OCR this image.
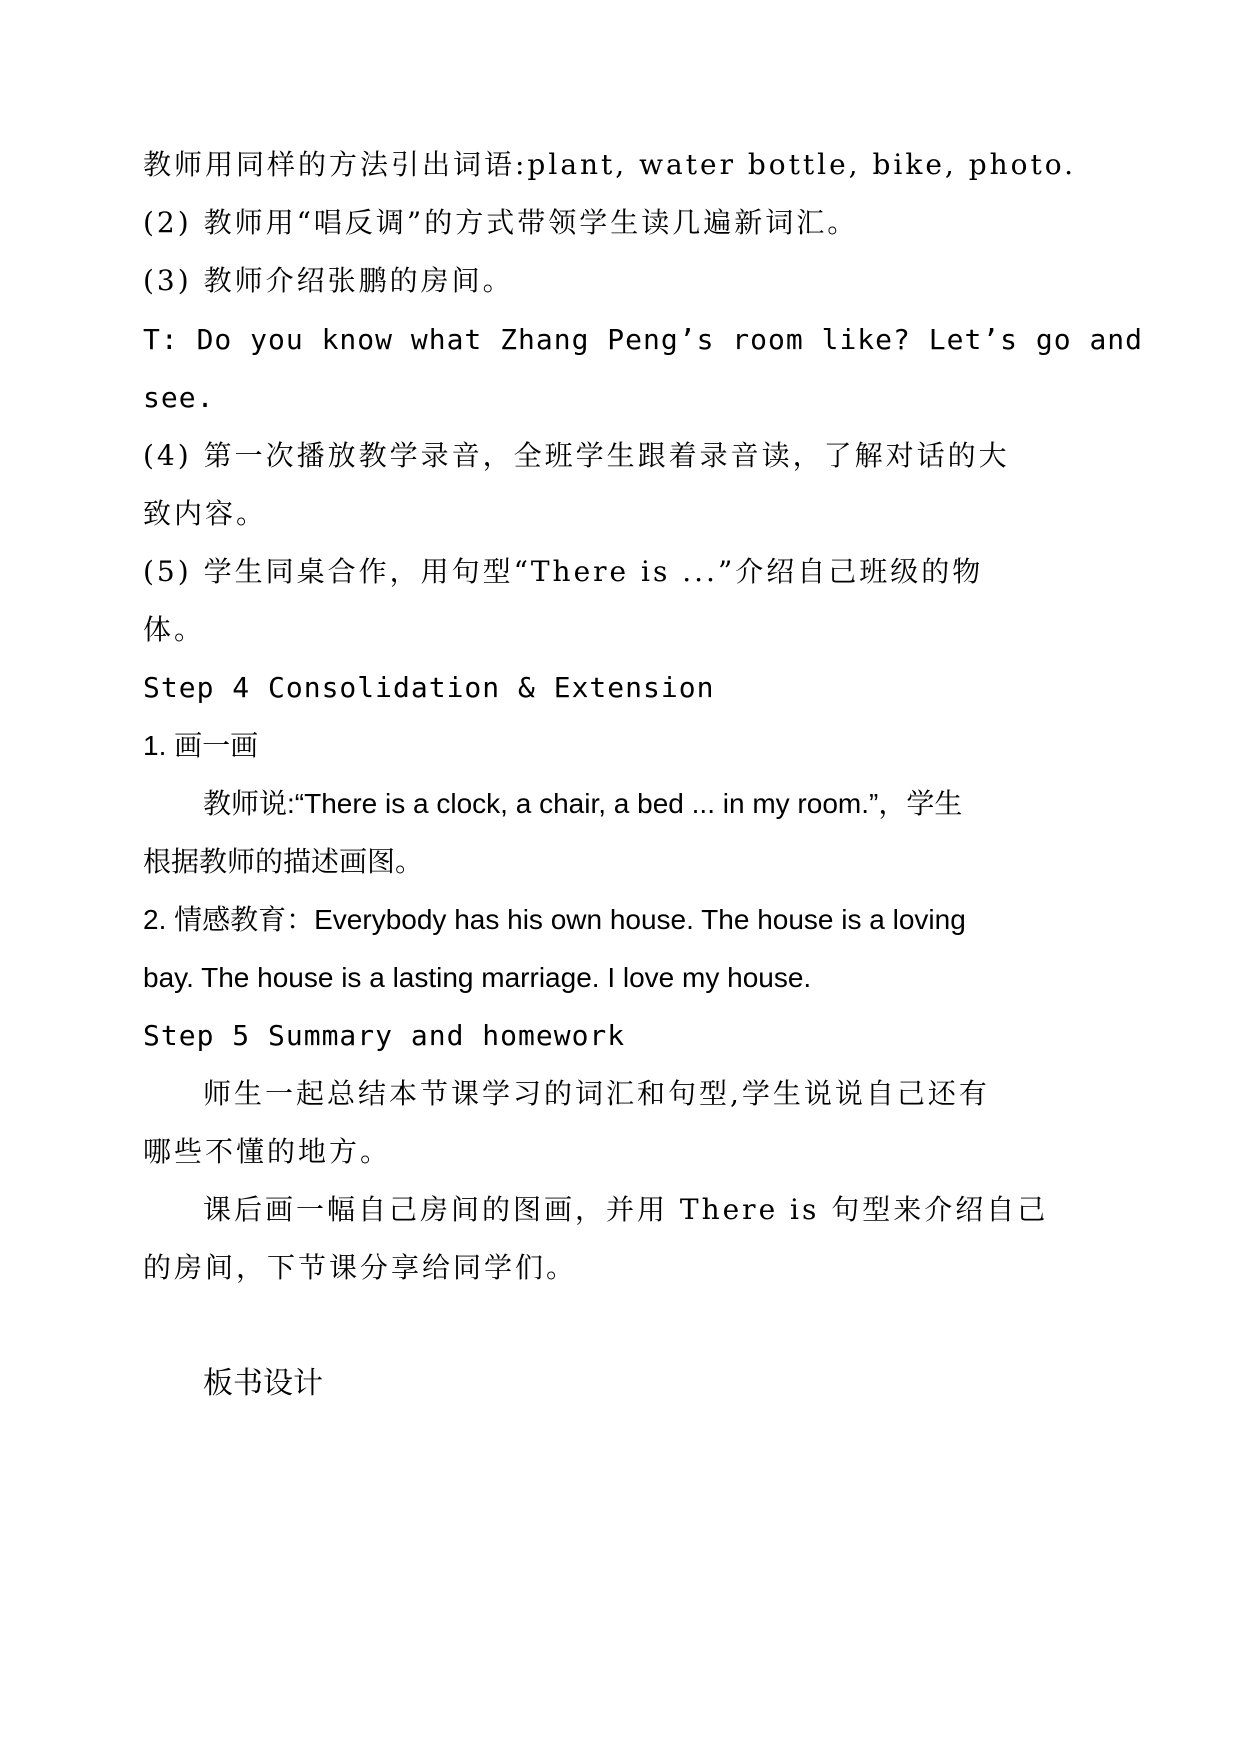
教师用同样的方法引出词语:plant, water bottle, bike, photo.
(2) 教师用“唱反调”的方式带领学生读几遍新词汇。
(3) 教师介绍张鹏的房间。
T: Do you know what Zhang Peng’s room like? Let’s go and
see.
(4) 第一次播放教学录音，全班学生跟着录音读，了解对话的大
致内容。
(5) 学生同桌合作，用句型“There is ...”介绍自己班级的物
体。
Step 4 Consolidation & Extension
1. 画一画
教师说:“There is a clock, a chair, a bed ... in my room.”，学生
根据教师的描述画图。
2. 情感教育：Everybody has his own house. The house is a loving
bay. The house is a lasting marriage. I love my house.
Step 5 Summary and homework
师生一起总结本节课学习的词汇和句型,学生说说自己还有
哪些不懂的地方。
课后画一幅自己房间的图画，并用 There is 句型来介绍自己
的房间，下节课分享给同学们。
板书设计
